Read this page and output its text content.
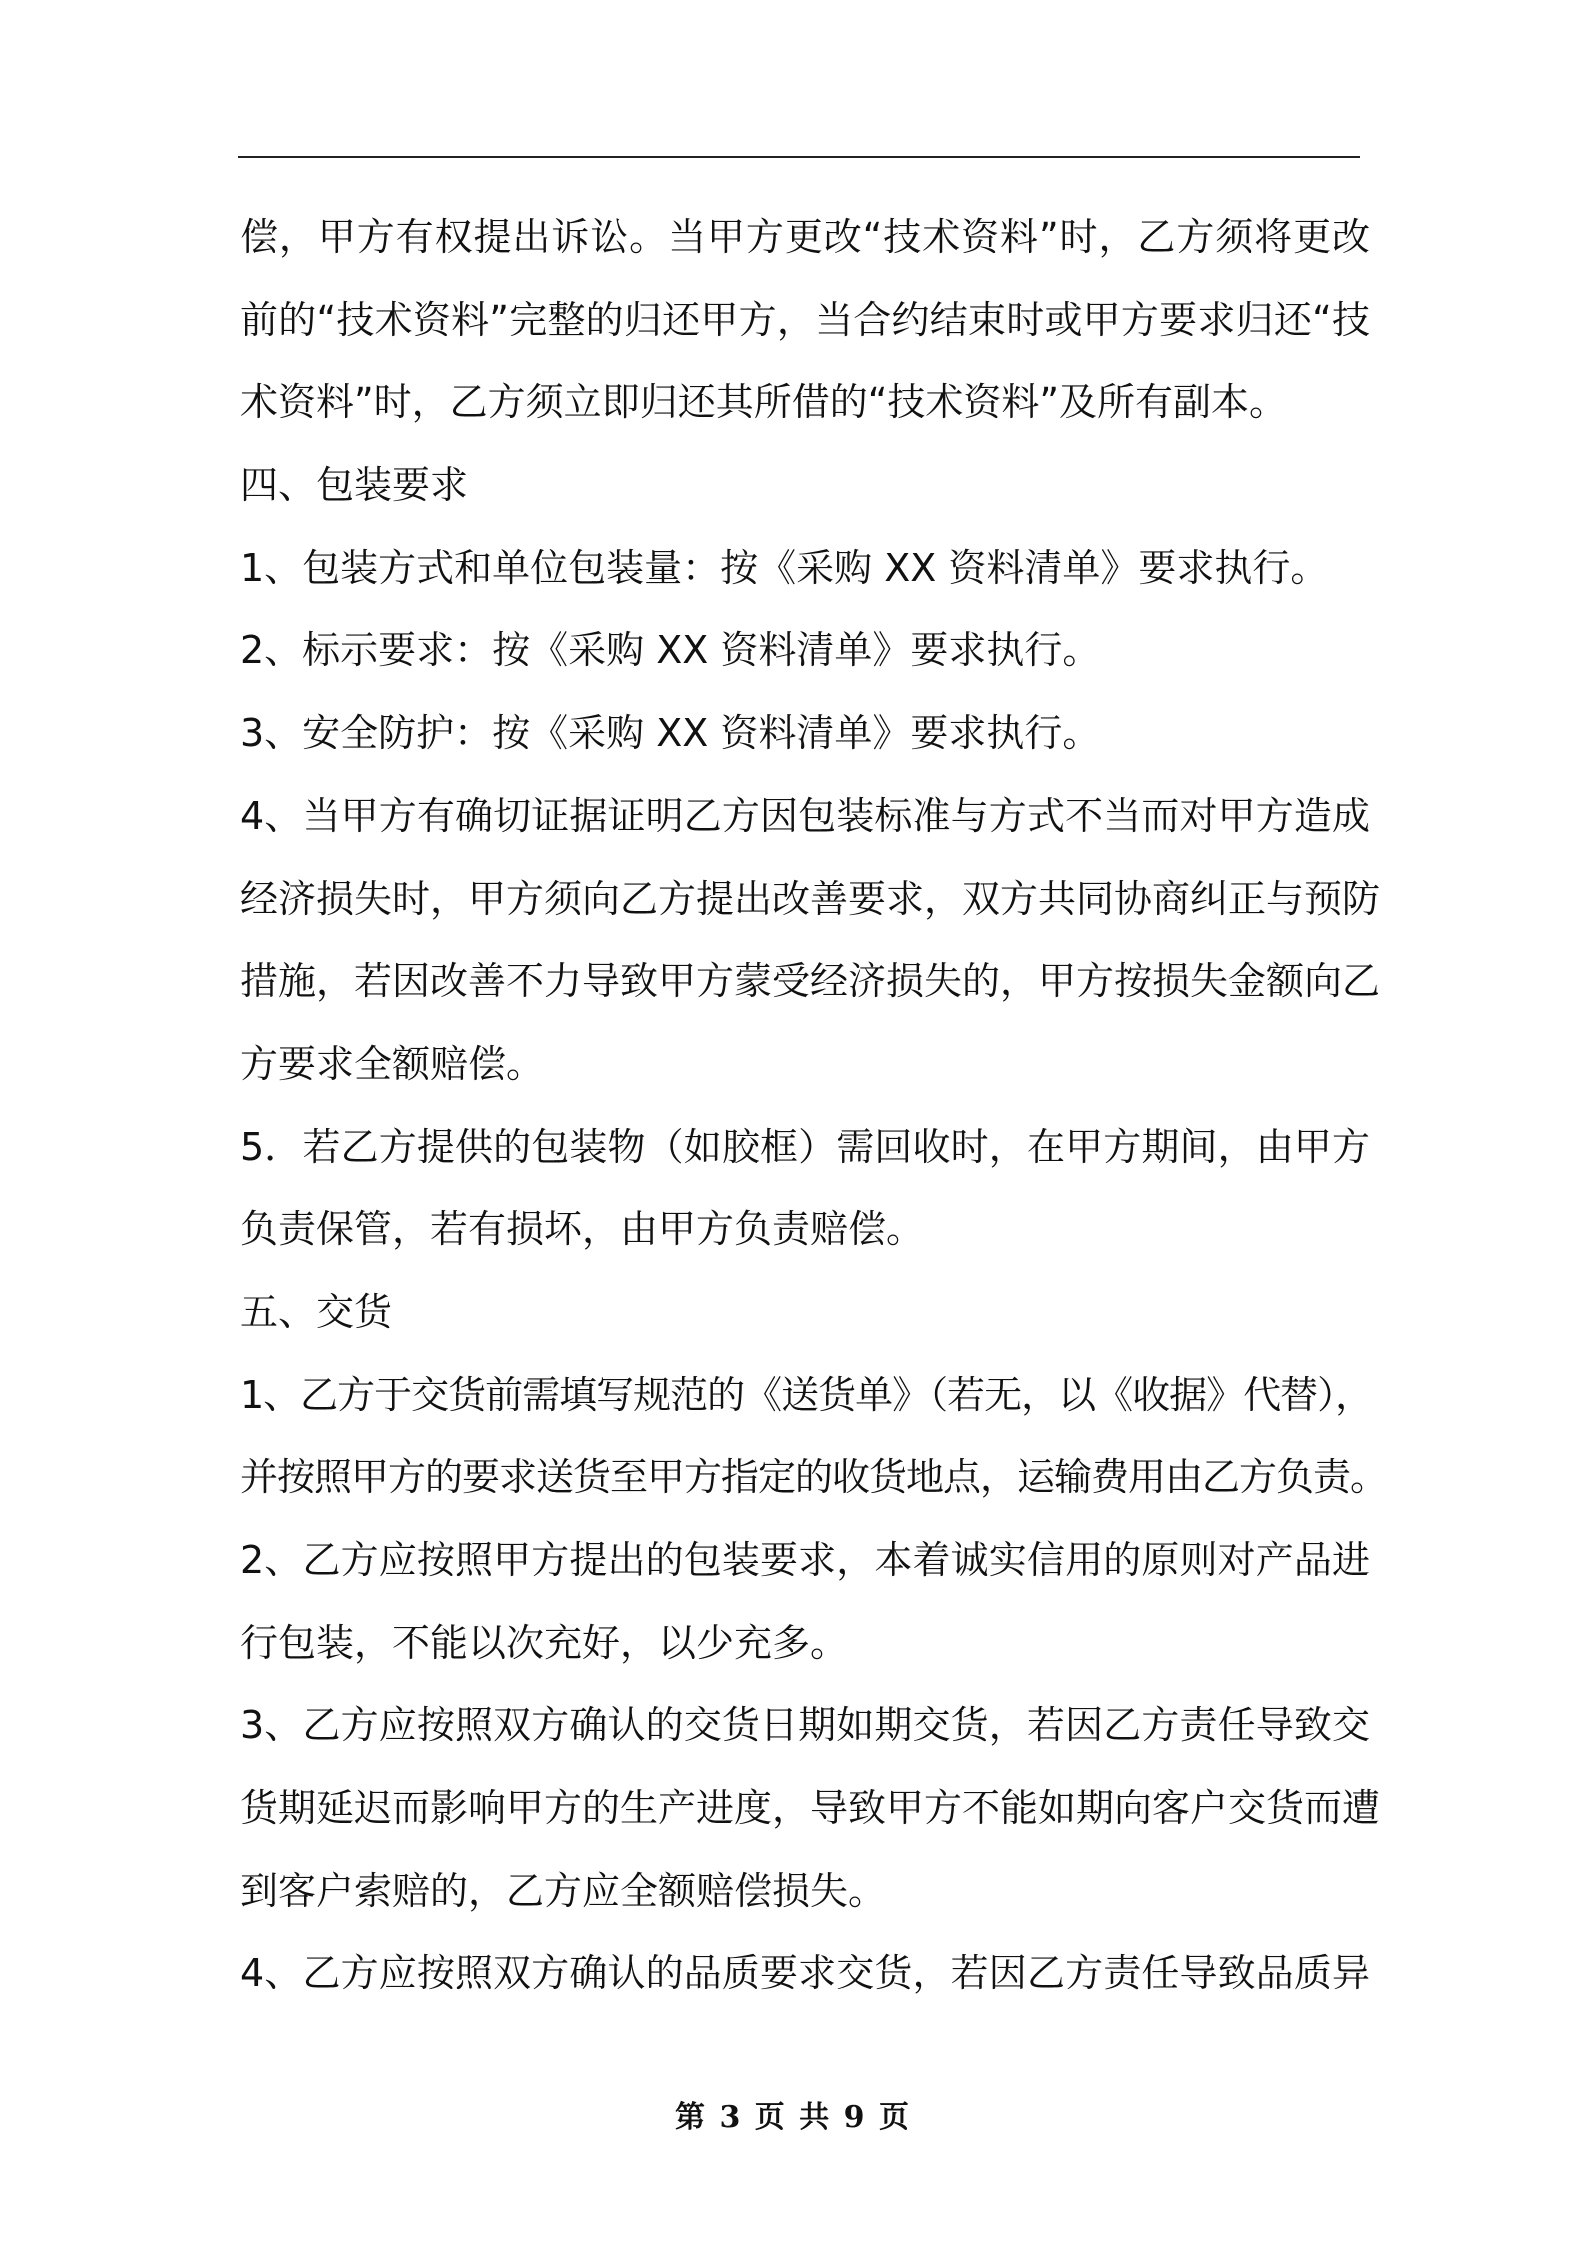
偿，甲方有权提出诉讼。当甲方更改“技术资料”时，乙方须将更改
前的“技术资料”完整的归还甲方，当合约结束时或甲方要求归还“技
术资料”时，乙方须立即归还其所借的“技术资料”及所有副本。
四、包装要求
1、包装方式和单位包装量：按《采购 XX 资料清单》要求执行。
2、标示要求：按《采购 XX 资料清单》要求执行。
3、安全防护：按《采购 XX 资料清单》要求执行。
4、当甲方有确切证据证明乙方因包装标准与方式不当而对甲方造成
经济损失时，甲方须向乙方提出改善要求，双方共同协商纠正与预防
措施，若因改善不力导致甲方蒙受经济损失的，甲方按损失金额向乙
方要求全额赔偿。
5．若乙方提供的包装物（如胶框）需回收时，在甲方期间，由甲方
负责保管，若有损坏，由甲方负责赔偿。
五、交货
1、乙方于交货前需填写规范的《送货单》（若无，以《收据》代替），
并按照甲方的要求送货至甲方指定的收货地点，运输费用由乙方负责。
2、乙方应按照甲方提出的包装要求，本着诚实信用的原则对产品进
行包装，不能以次充好，以少充多。
3、乙方应按照双方确认的交货日期如期交货，若因乙方责任导致交
货期延迟而影响甲方的生产进度，导致甲方不能如期向客户交货而遭
到客户索赔的，乙方应全额赔偿损失。
4、乙方应按照双方确认的品质要求交货，若因乙方责任导致品质异
第 3 页 共 9 页
